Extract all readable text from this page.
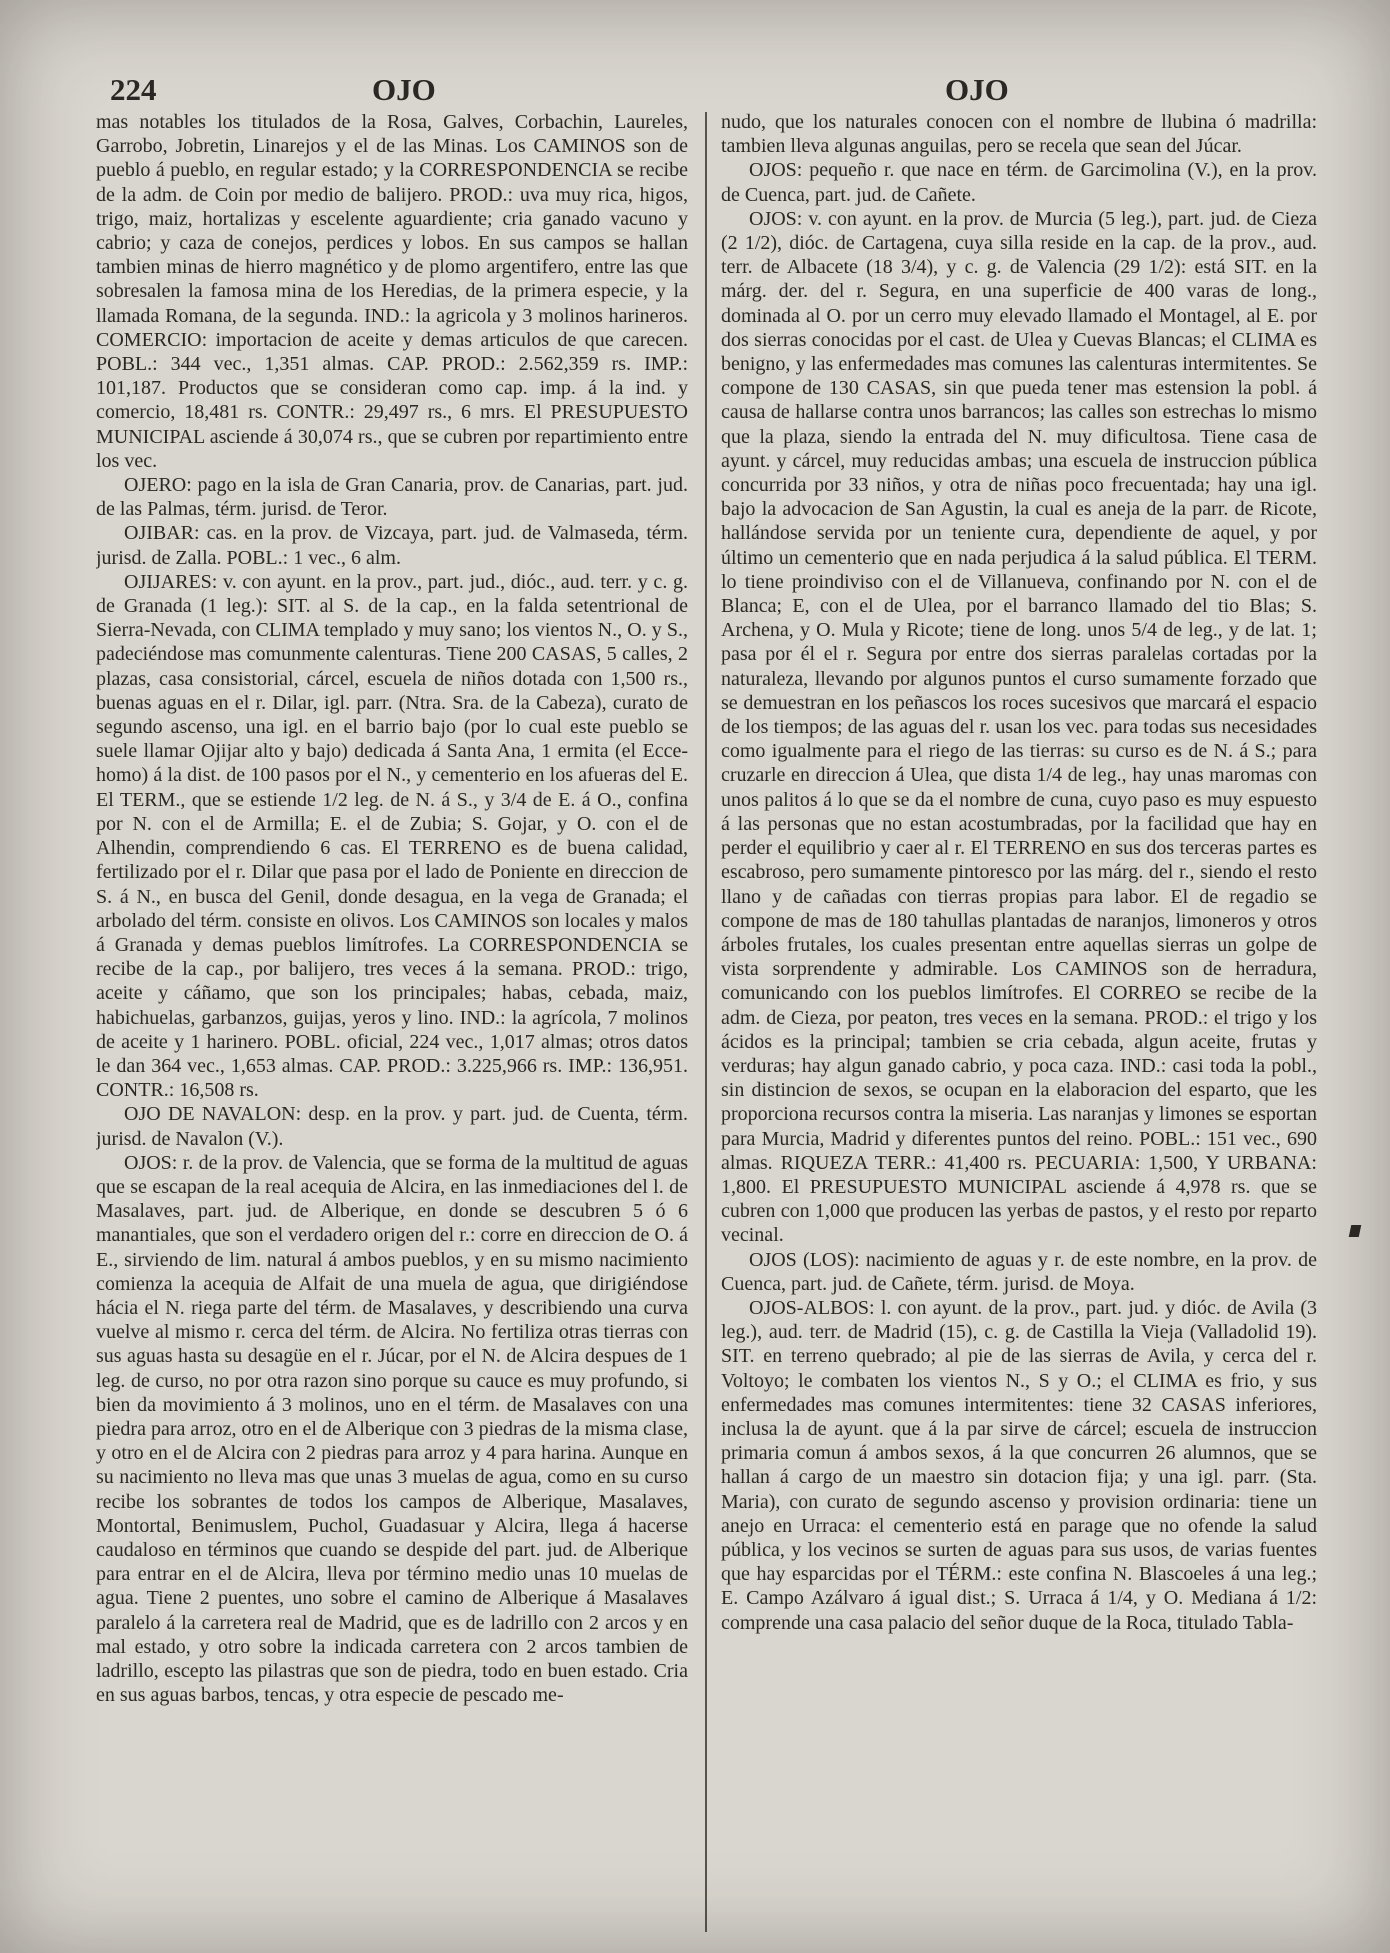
224	OJO	OJO

mas notables los titulados de la Rosa, Galves, Corbachin, Laureles, Garrobo, Jobretin, Linarejos y el de las Minas. Los CAMINOS son de pueblo á pueblo, en regular estado; y la CORRESPONDENCIA se recibe de la adm. de Coin por medio de balijero. PROD.: uva muy rica, higos, trigo, maiz, hortalizas y escelente aguardiente; cria ganado vacuno y cabrio; y caza de conejos, perdices y lobos. En sus campos se hallan tambien minas de hierro magnético y de plomo argentifero, entre las que sobresalen la famosa mina de los Heredias, de la primera especie, y la llamada Romana, de la segunda. IND.: la agricola y 3 molinos harineros. COMERCIO: importacion de aceite y demas articulos de que carecen. POBL.: 344 vec., 1,351 almas. CAP. PROD.: 2.562,359 rs. IMP.: 101,187. Productos que se consideran como cap. imp. á la ind. y comercio, 18,481 rs. CONTR.: 29,497 rs., 6 mrs. El PRESUPUESTO MUNICIPAL asciende á 30,074 rs., que se cubren por repartimiento entre los vec.

OJERO: pago en la isla de Gran Canaria, prov. de Canarias, part. jud. de las Palmas, térm. jurisd. de Teror.

OJIBAR: cas. en la prov. de Vizcaya, part. jud. de Valmaseda, térm. jurisd. de Zalla. POBL.: 1 vec., 6 alm.

OJIJARES: v. con ayunt. en la prov., part. jud., dióc., aud. terr. y c. g. de Granada (1 leg.): SIT. al S. de la cap., en la falda setentrional de Sierra-Nevada, con CLIMA templado y muy sano; los vientos N., O. y S., padeciéndose mas comunmente calenturas. Tiene 200 CASAS, 5 calles, 2 plazas, casa consistorial, cárcel, escuela de niños dotada con 1,500 rs., buenas aguas en el r. Dilar, igl. parr. (Ntra. Sra. de la Cabeza), curato de segundo ascenso, una igl. en el barrio bajo (por lo cual este pueblo se suele llamar Ojijar alto y bajo) dedicada á Santa Ana, 1 ermita (el Ecce-homo) á la dist. de 100 pasos por el N., y cementerio en los afueras del E. El TERM., que se estiende 1/2 leg. de N. á S., y 3/4 de E. á O., confina por N. con el de Armilla; E. el de Zubia; S. Gojar, y O. con el de Alhendin, comprendiendo 6 cas. El TERRENO es de buena calidad, fertilizado por el r. Dilar que pasa por el lado de Poniente en direccion de S. á N., en busca del Genil, donde desagua, en la vega de Granada; el arbolado del térm. consiste en olivos. Los CAMINOS son locales y malos á Granada y demas pueblos limítrofes. La CORRESPONDENCIA se recibe de la cap., por balijero, tres veces á la semana. PROD.: trigo, aceite y cáñamo, que son los principales; habas, cebada, maiz, habichuelas, garbanzos, guijas, yeros y lino. IND.: la agrícola, 7 molinos de aceite y 1 harinero. POBL. oficial, 224 vec., 1,017 almas; otros datos le dan 364 vec., 1,653 almas. CAP. PROD.: 3.225,966 rs. IMP.: 136,951. CONTR.: 16,508 rs.

OJO DE NAVALON: desp. en la prov. y part. jud. de Cuenta, térm. jurisd. de Navalon (V.).

OJOS: r. de la prov. de Valencia, que se forma de la multitud de aguas que se escapan de la real acequia de Alcira, en las inmediaciones del l. de Masalaves, part. jud. de Alberique, en donde se descubren 5 ó 6 manantiales, que son el verdadero origen del r.: corre en direccion de O. á E., sirviendo de lim. natural á ambos pueblos, y en su mismo nacimiento comienza la acequia de Alfait de una muela de agua, que dirigiéndose hácia el N. riega parte del térm. de Masalaves, y describiendo una curva vuelve al mismo r. cerca del térm. de Alcira. No fertiliza otras tierras con sus aguas hasta su desagüe en el r. Júcar, por el N. de Alcira despues de 1 leg. de curso, no por otra razon sino porque su cauce es muy profundo, si bien da movimiento á 3 molinos, uno en el térm. de Masalaves con una piedra para arroz, otro en el de Alberique con 3 piedras de la misma clase, y otro en el de Alcira con 2 piedras para arroz y 4 para harina. Aunque en su nacimiento no lleva mas que unas 3 muelas de agua, como en su curso recibe los sobrantes de todos los campos de Alberique, Masalaves, Montortal, Benimuslem, Puchol, Guadasuar y Alcira, llega á hacerse caudaloso en términos que cuando se despide del part. jud. de Alberique para entrar en el de Alcira, lleva por término medio unas 10 muelas de agua. Tiene 2 puentes, uno sobre el camino de Alberique á Masalaves paralelo á la carretera real de Madrid, que es de ladrillo con 2 arcos y en mal estado, y otro sobre la indicada carretera con 2 arcos tambien de ladrillo, escepto las pilastras que son de piedra, todo en buen estado. Cria en sus aguas barbos, tencas, y otra especie de pescado me-

nudo, que los naturales conocen con el nombre de llubina ó madrilla: tambien lleva algunas anguilas, pero se recela que sean del Júcar.

OJOS: pequeño r. que nace en térm. de Garcimolina (V.), en la prov. de Cuenca, part. jud. de Cañete.

OJOS: v. con ayunt. en la prov. de Murcia (5 leg.), part. jud. de Cieza (2 1/2), dióc. de Cartagena, cuya silla reside en la cap. de la prov., aud. terr. de Albacete (18 3/4), y c. g. de Valencia (29 1/2): está SIT. en la márg. der. del r. Segura, en una superficie de 400 varas de long., dominada al O. por un cerro muy elevado llamado el Montagel, al E. por dos sierras conocidas por el cast. de Ulea y Cuevas Blancas; el CLIMA es benigno, y las enfermedades mas comunes las calenturas intermitentes. Se compone de 130 CASAS, sin que pueda tener mas estension la pobl. á causa de hallarse contra unos barrancos; las calles son estrechas lo mismo que la plaza, siendo la entrada del N. muy dificultosa. Tiene casa de ayunt. y cárcel, muy reducidas ambas; una escuela de instruccion pública concurrida por 33 niños, y otra de niñas poco frecuentada; hay una igl. bajo la advocacion de San Agustin, la cual es aneja de la parr. de Ricote, hallándose servida por un teniente cura, dependiente de aquel, y por último un cementerio que en nada perjudica á la salud pública. El TERM. lo tiene proindiviso con el de Villanueva, confinando por N. con el de Blanca; E, con el de Ulea, por el barranco llamado del tio Blas; S. Archena, y O. Mula y Ricote; tiene de long. unos 5/4 de leg., y de lat. 1; pasa por él el r. Segura por entre dos sierras paralelas cortadas por la naturaleza, llevando por algunos puntos el curso sumamente forzado que se demuestran en los peñascos los roces sucesivos que marcará el espacio de los tiempos; de las aguas del r. usan los vec. para todas sus necesidades como igualmente para el riego de las tierras: su curso es de N. á S.; para cruzarle en direccion á Ulea, que dista 1/4 de leg., hay unas maromas con unos palitos á lo que se da el nombre de cuna, cuyo paso es muy espuesto á las personas que no estan acostumbradas, por la facilidad que hay en perder el equilibrio y caer al r. El TERRENO en sus dos terceras partes es escabroso, pero sumamente pintoresco por las márg. del r., siendo el resto llano y de cañadas con tierras propias para labor. El de regadio se compone de mas de 180 tahullas plantadas de naranjos, limoneros y otros árboles frutales, los cuales presentan entre aquellas sierras un golpe de vista sorprendente y admirable. Los CAMINOS son de herradura, comunicando con los pueblos limítrofes. El CORREO se recibe de la adm. de Cieza, por peaton, tres veces en la semana. PROD.: el trigo y los ácidos es la principal; tambien se cria cebada, algun aceite, frutas y verduras; hay algun ganado cabrio, y poca caza. IND.: casi toda la pobl., sin distincion de sexos, se ocupan en la elaboracion del esparto, que les proporciona recursos contra la miseria. Las naranjas y limones se esportan para Murcia, Madrid y diferentes puntos del reino. POBL.: 151 vec., 690 almas. RIQUEZA TERR.: 41,400 rs. PECUARIA: 1,500, Y URBANA: 1,800. El PRESUPUESTO MUNICIPAL asciende á 4,978 rs. que se cubren con 1,000 que producen las yerbas de pastos, y el resto por reparto vecinal.

OJOS (LOS): nacimiento de aguas y r. de este nombre, en la prov. de Cuenca, part. jud. de Cañete, térm. jurisd. de Moya.

OJOS-ALBOS: l. con ayunt. de la prov., part. jud. y dióc. de Avila (3 leg.), aud. terr. de Madrid (15), c. g. de Castilla la Vieja (Valladolid 19). SIT. en terreno quebrado; al pie de las sierras de Avila, y cerca del r. Voltoyo; le combaten los vientos N., S y O.; el CLIMA es frio, y sus enfermedades mas comunes intermitentes: tiene 32 CASAS inferiores, inclusa la de ayunt. que á la par sirve de cárcel; escuela de instruccion primaria comun á ambos sexos, á la que concurren 26 alumnos, que se hallan á cargo de un maestro sin dotacion fija; y una igl. parr. (Sta. Maria), con curato de segundo ascenso y provision ordinaria: tiene un anejo en Urraca: el cementerio está en parage que no ofende la salud pública, y los vecinos se surten de aguas para sus usos, de varias fuentes que hay esparcidas por el TÉRM.: este confina N. Blascoeles á una leg.; E. Campo Azálvaro á igual dist.; S. Urraca á 1/4, y O. Mediana á 1/2: comprende una casa palacio del señor duque de la Roca, titulado Tabla-
